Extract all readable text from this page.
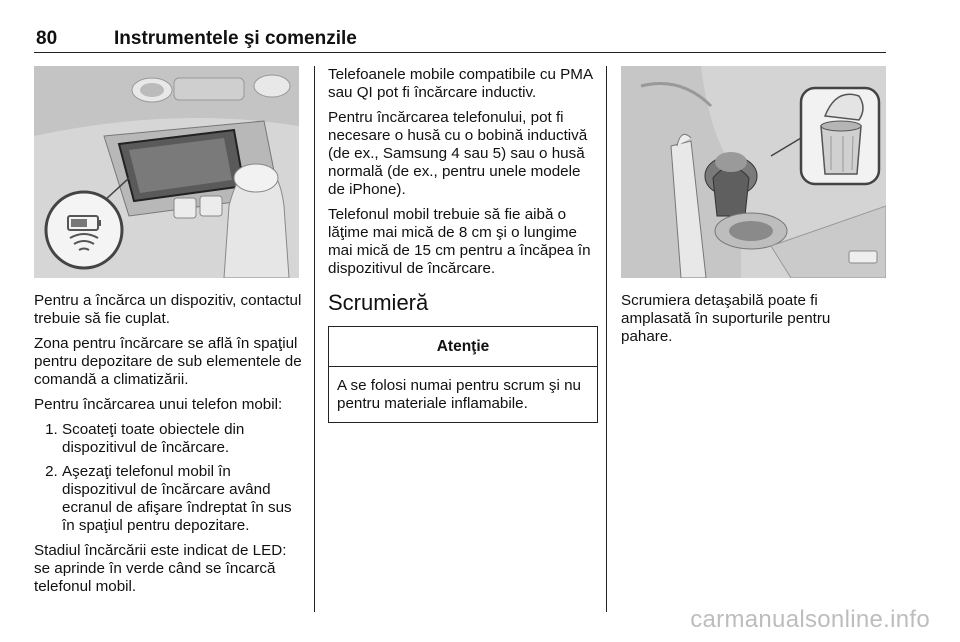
80	Instrumentele şi comenzile

Pentru a încărca un dispozitiv, contactul trebuie să fie cuplat.

Zona pentru încărcare se află în spaţiul pentru depozitare de sub elementele de comandă a climatizării.

Pentru încărcarea unui telefon mobil:

1. Scoateţi toate obiectele din dispozitivul de încărcare.
2. Aşezaţi telefonul mobil în dispozitivul de încărcare având ecranul de afişare îndreptat în sus în spaţiul pentru depozitare.

Stadiul încărcării este indicat de LED: se aprinde în verde când se încarcă telefonul mobil.

Telefoanele mobile compatibile cu PMA sau QI pot fi încărcare inductiv.

Pentru încărcarea telefonului, pot fi necesare o husă cu o bobină inductivă (de ex., Samsung 4 sau 5) sau o husă normală (de ex., pentru unele modele de iPhone).

Telefonul mobil trebuie să fie aibă o lăţime mai mică de 8 cm şi o lungime mai mică de 15 cm pentru a încăpea în dispozitivul de încărcare.

Scrumieră
Atenţie
A se folosi numai pentru scrum şi nu pentru materiale inflamabile.

Scrumiera detaşabilă poate fi amplasată în suporturile pentru pahare.

carmanualsonline.info
